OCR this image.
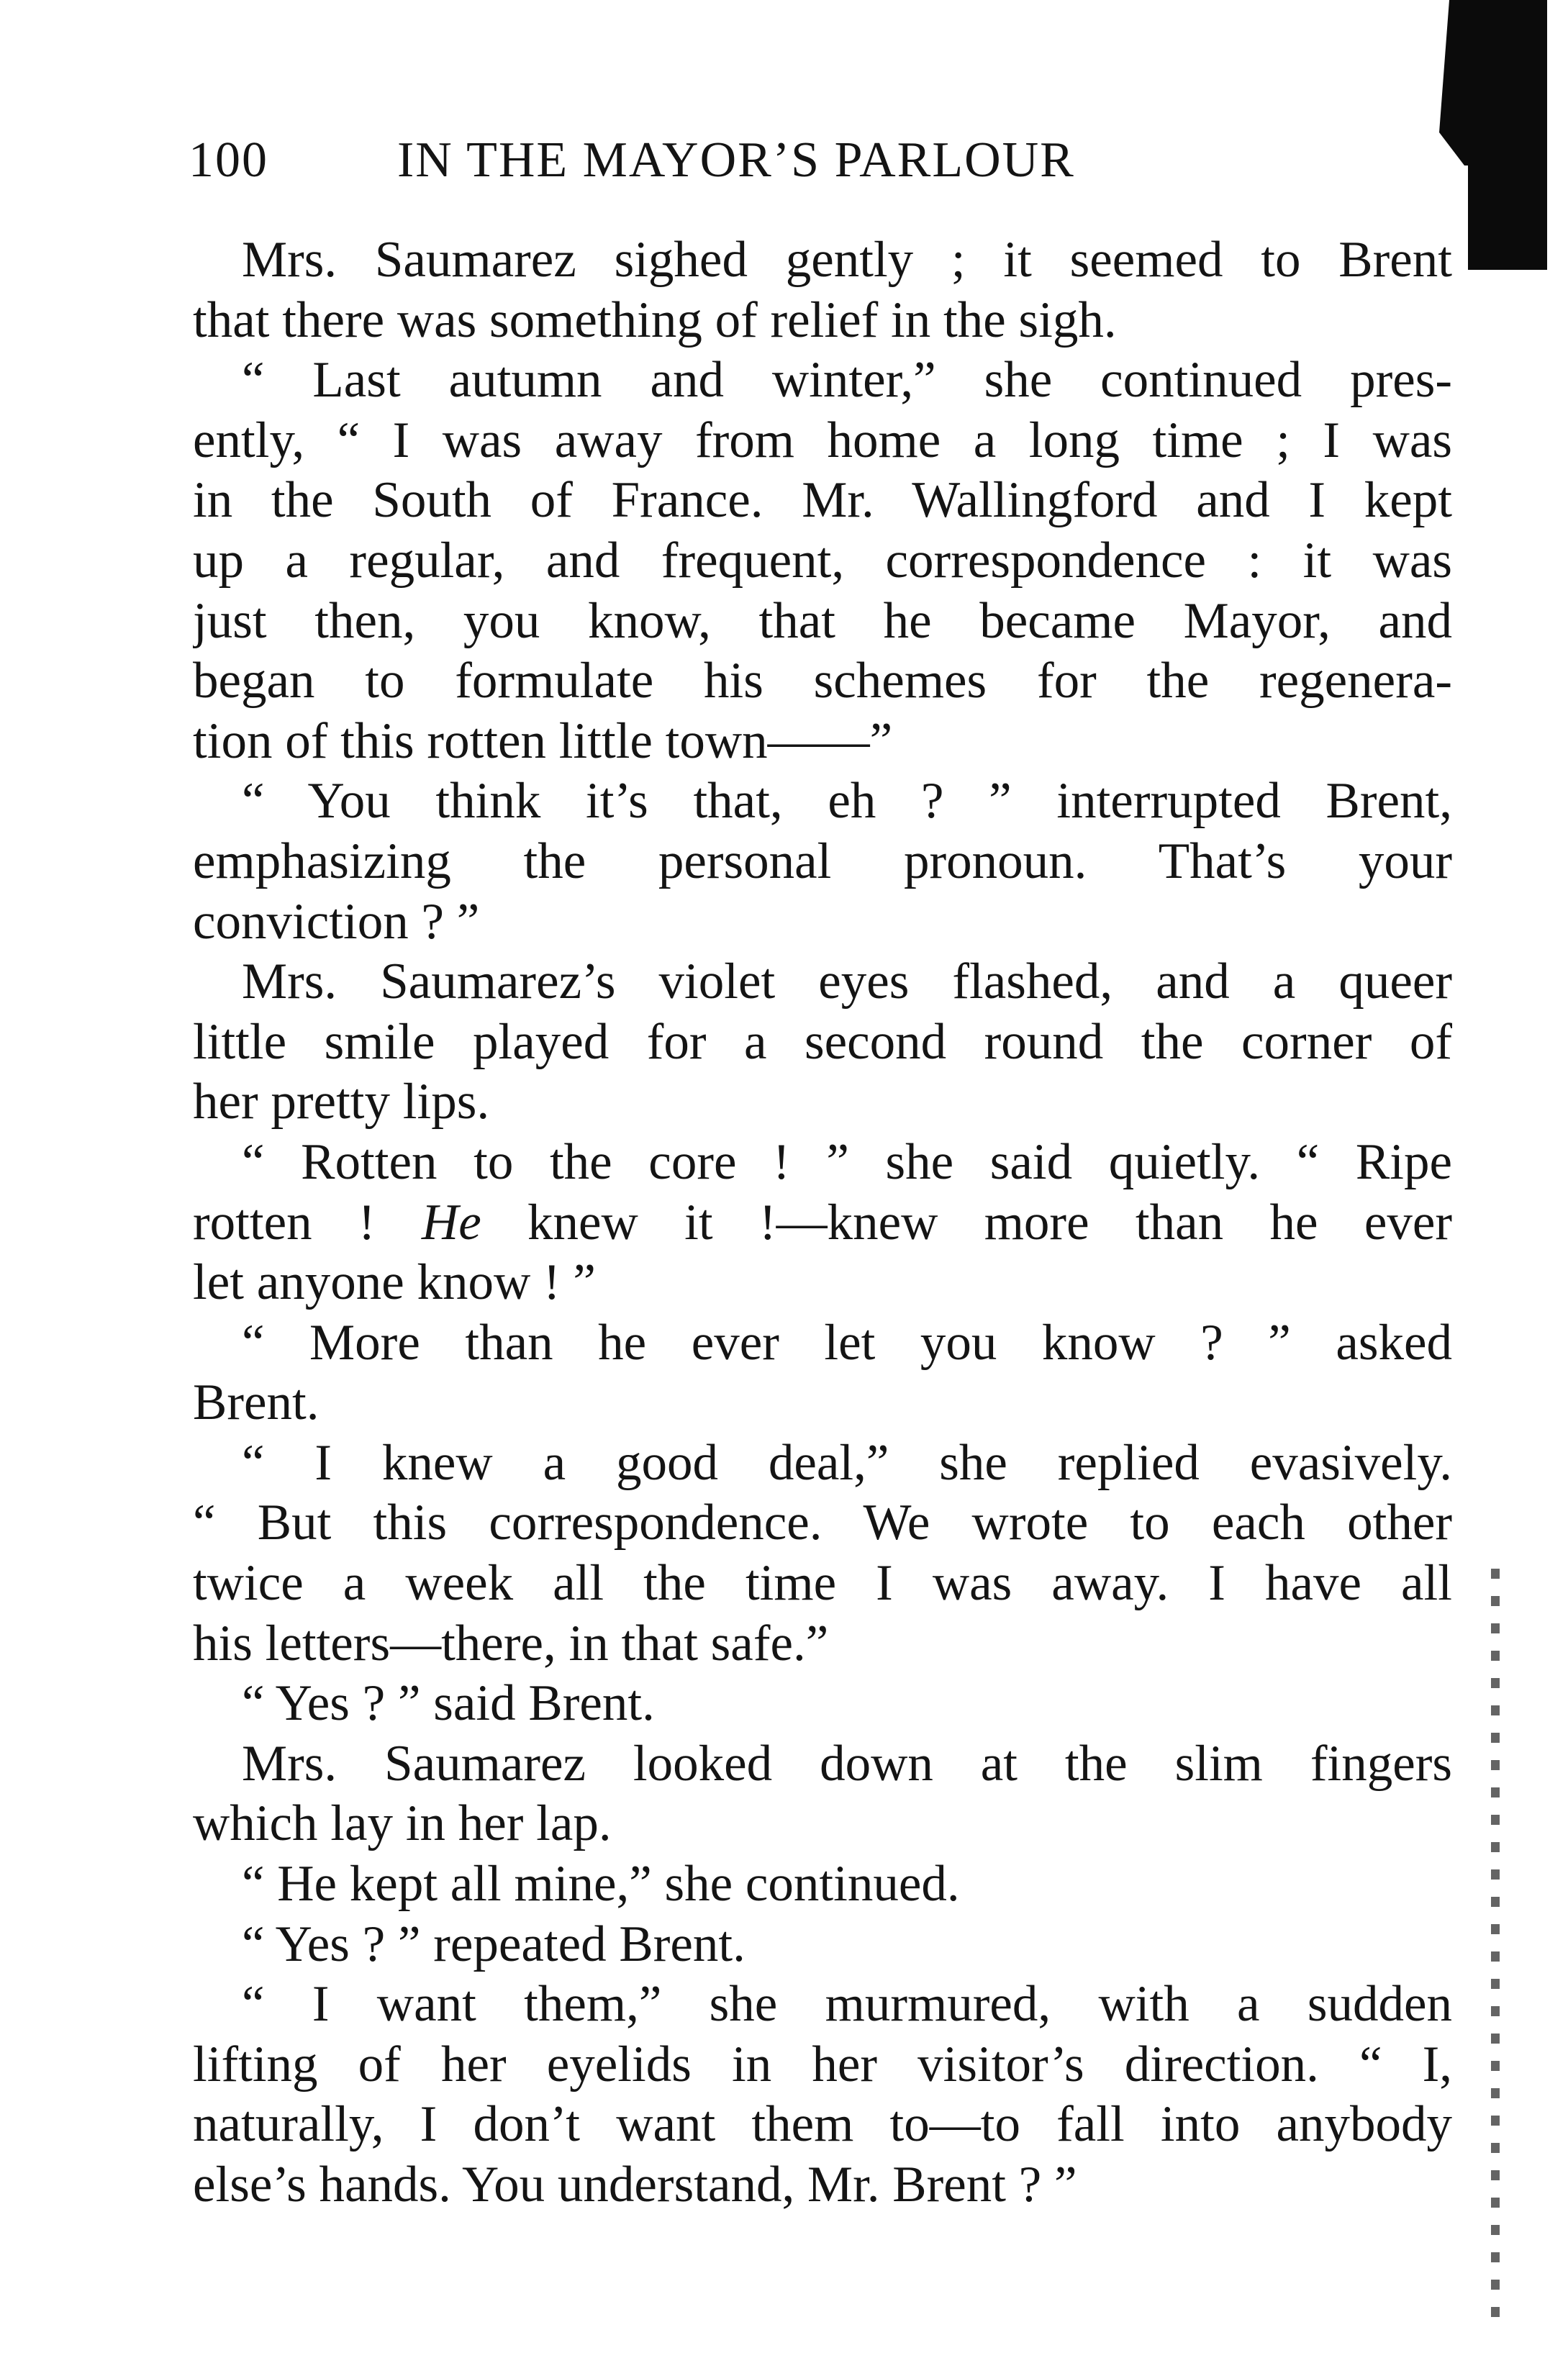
100	IN THE MAYOR’S PARLOUR
Mrs. Saumarez sighed gently ; it seemed to Brent
that there was something of relief in the sigh.
“ Last autumn and winter,” she continued pres-
ently, “ I was away from home a long time ; I was
in the South of France. Mr. Wallingford and I kept
up a regular, and frequent, correspondence : it was
just then, you know, that he became Mayor, and
began to formulate his schemes for the regenera-
tion of this rotten little town——”
“ You think it’s that, eh ? ” interrupted Brent,
emphasizing the personal pronoun. That’s your
conviction ? ”
Mrs. Saumarez’s violet eyes flashed, and a queer
little smile played for a second round the corner of
her pretty lips.
“ Rotten to the core ! ” she said quietly. “ Ripe
rotten ! He knew it !—knew more than he ever
let anyone know ! ”
“ More than he ever let you know ? ” asked
Brent.
“ I knew a good deal,” she replied evasively.
“ But this correspondence. We wrote to each other
twice a week all the time I was away. I have all
his letters—there, in that safe.”
“ Yes ? ” said Brent.
Mrs. Saumarez looked down at the slim fingers
which lay in her lap.
“ He kept all mine,” she continued.
“ Yes ? ” repeated Brent.
“ I want them,” she murmured, with a sudden
lifting of her eyelids in her visitor’s direction. “ I,
naturally, I don’t want them to—to fall into anybody
else’s hands. You understand, Mr. Brent ? ”
